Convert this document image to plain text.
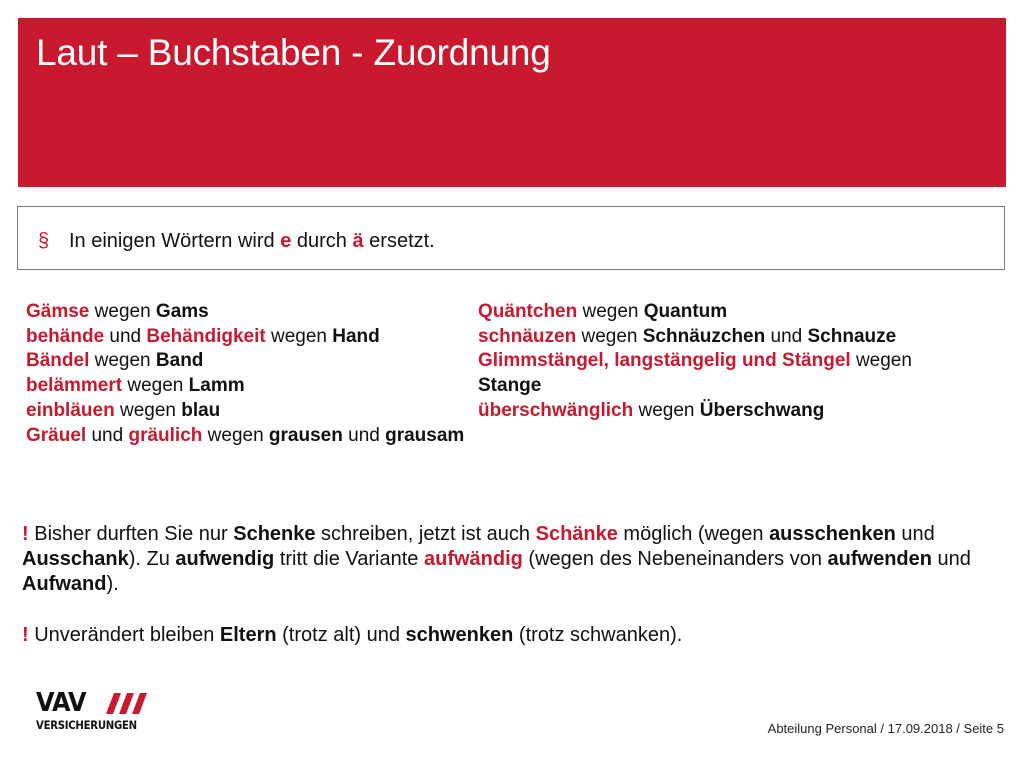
Laut – Buchstaben - Zuordnung
§ In einigen Wörtern wird e durch ä ersetzt.
Gämse wegen Gams
behände und Behändigkeit wegen Hand
Bändel wegen Band
belämmert wegen Lamm
einbläuen wegen blau
Gräuel und gräulich wegen grausen und grausam
Quäntchen wegen Quantum
schnäuzen wegen Schnäuzchen und Schnauze
Glimmstängel, langstängelig und Stängel wegen Stange
überschwänglich wegen Überschwang
! Bisher durften Sie nur Schenke schreiben, jetzt ist auch Schänke möglich (wegen ausschenken und Ausschank). Zu aufwendig tritt die Variante aufwändig (wegen des Nebeneinanders von aufwenden und Aufwand).
! Unverändert bleiben Eltern (trotz alt) und schwenken (trotz schwanken).
VAV
VERSICHERUNGEN	Abteilung Personal / 17.09.2018 / Seite 5
